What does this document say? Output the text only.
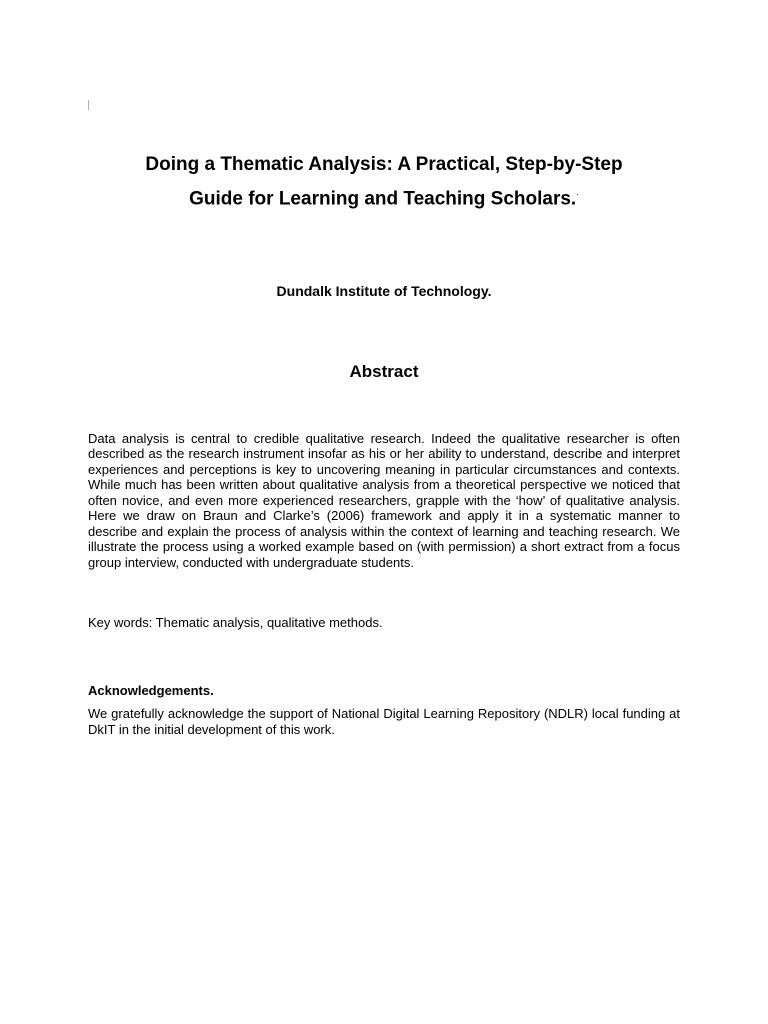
Doing a Thematic Analysis: A Practical, Step-by-Step
Guide for Learning and Teaching Scholars.·
Dundalk Institute of Technology.
Abstract

Data analysis is central to credible qualitative research. Indeed the qualitative researcher is often described as the research instrument insofar as his or her ability to understand, describe and interpret experiences and perceptions is key to uncovering meaning in particular circumstances and contexts. While much has been written about qualitative analysis from a theoretical perspective we noticed that often novice, and even more experienced researchers, grapple with the ‘how’ of qualitative analysis. Here we draw on Braun and Clarke’s (2006) framework and apply it in a systematic manner to describe and explain the process of analysis within the context of learning and teaching research. We illustrate the process using a worked example based on (with permission) a short extract from a focus group interview, conducted with undergraduate students.

Key words: Thematic analysis, qualitative methods.

Acknowledgements.

We gratefully acknowledge the support of National Digital Learning Repository (NDLR) local funding at DkIT in the initial development of this work.
